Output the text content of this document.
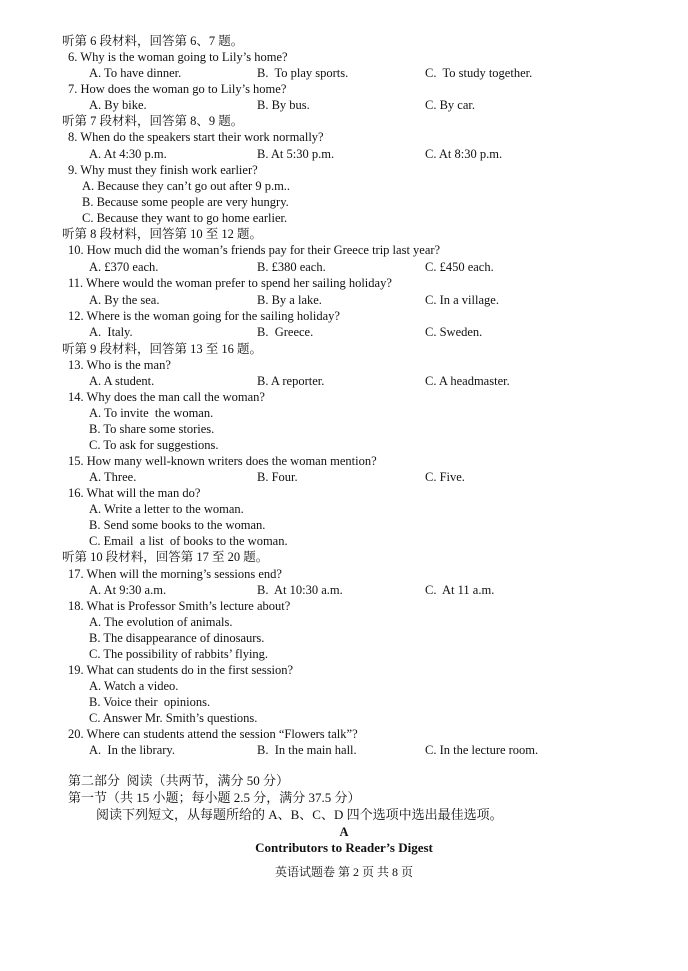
听第 6 段材料，回答第 6、7 题。
6. Why is the woman going to Lily’s home?
A. To have dinner.	B.  To play sports.	C.  To study together.
7. How does the woman go to Lily’s home?
A. By bike.	B. By bus.	C. By car.
听第 7 段材料，回答第 8、9 题。
8. When do the speakers start their work normally?
A. At 4:30 p.m.	B. At 5:30 p.m.	C. At 8:30 p.m.
9. Why must they finish work earlier?
A. Because they can’t go out after 9 p.m..
B. Because some people are very hungry.
C. Because they want to go home earlier.
听第 8 段材料，回答第 10 至 12 题。
10. How much did the woman’s friends pay for their Greece trip last year?
A. £370 each.	B. £380 each.	C. £450 each.
11. Where would the woman prefer to spend her sailing holiday?
A. By the sea.	B. By a lake.	C. In a village.
12. Where is the woman going for the sailing holiday?
A.  Italy.	B.  Greece.	C. Sweden.
听第 9 段材料，回答第 13 至 16 题。
13. Who is the man?
A. A student.	B. A reporter.	C. A headmaster.
14. Why does the man call the woman?
A. To invite  the woman.
B. To share some stories.
C. To ask for suggestions.
15. How many well-known writers does the woman mention?
A. Three.	B. Four.	C. Five.
16. What will the man do?
A. Write a letter to the woman.
B. Send some books to the woman.
C. Email  a list  of books to the woman.
听第 10 段材料，回答第 17 至 20 题。
17. When will the morning’s sessions end?
A. At 9:30 a.m.	B.  At 10:30 a.m.	C.  At 11 a.m.
18. What is Professor Smith’s lecture about?
A. The evolution of animals.
B. The disappearance of dinosaurs.
C. The possibility of rabbits’ flying.
19. What can students do in the first session?
A. Watch a video.
B. Voice their  opinions.
C. Answer Mr. Smith’s questions.
20. Where can students attend the session “Flowers talk”?
A.  In the library.	B.  In the main hall.	C. In the lecture room.
第二部分  阅读（共两节，满分 50 分）
第一节（共 15 小题；每小题 2.5 分，满分 37.5 分）
阅读下列短文，从每题所给的 A、B、C、D 四个选项中选出最佳选项。
A
Contributors to Reader’s Digest
英语试题卷 第 2 页 共 8 页
